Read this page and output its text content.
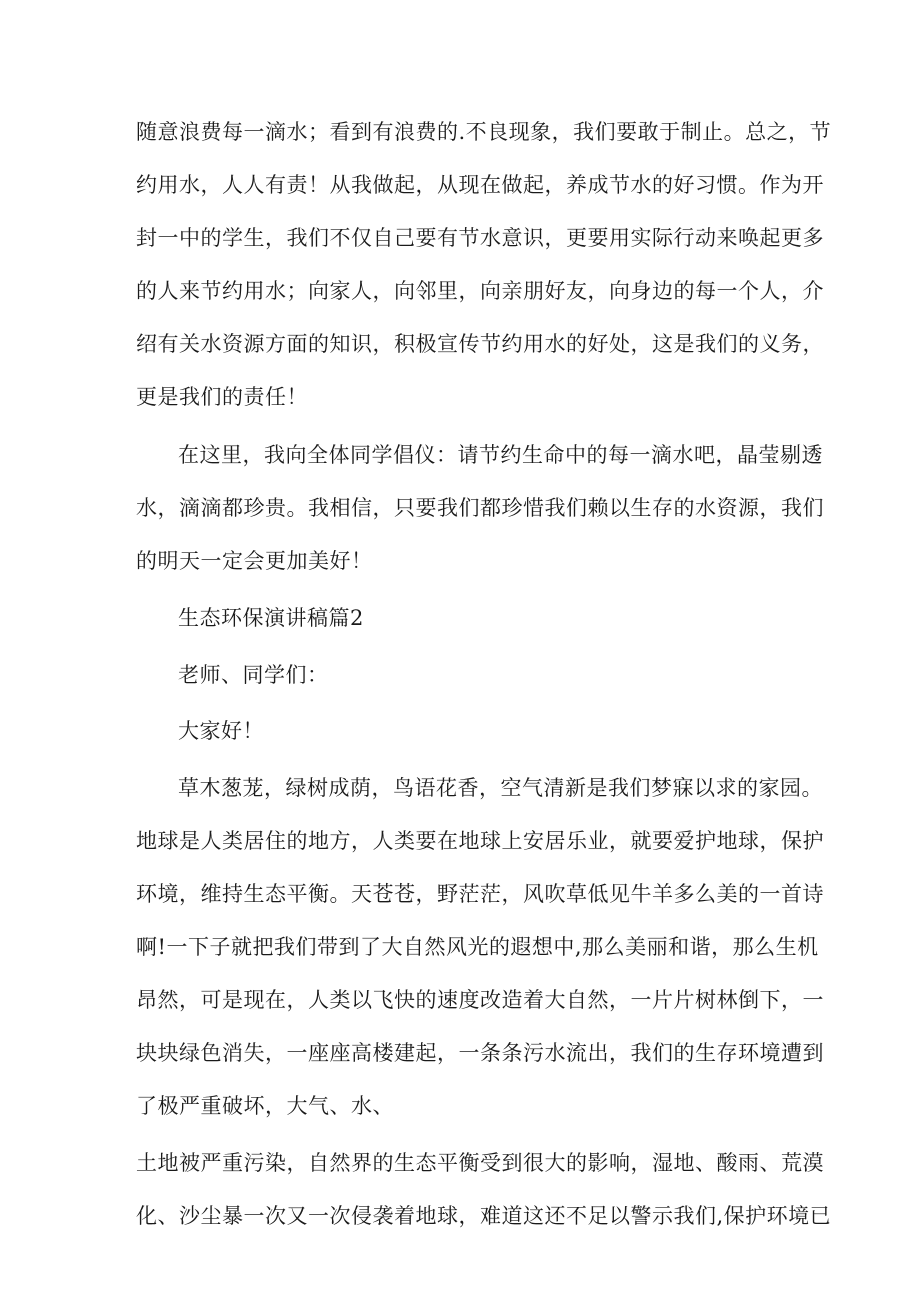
随意浪费每一滴水；看到有浪费的.不良现象，我们要敢于制止。总之，节
约用水，人人有责！从我做起，从现在做起，养成节水的好习惯。作为开
封一中的学生，我们不仅自己要有节水意识，更要用实际行动来唤起更多
的人来节约用水；向家人，向邻里，向亲朋好友，向身边的每一个人，介
绍有关水资源方面的知识，积极宣传节约用水的好处，这是我们的义务，
更是我们的责任！
在这里，我向全体同学倡仪：请节约生命中的每一滴水吧，晶莹剔透
水，滴滴都珍贵。我相信，只要我们都珍惜我们赖以生存的水资源，我们
的明天一定会更加美好！
生态环保演讲稿篇2
老师、同学们：
大家好！
草木葱茏，绿树成荫，鸟语花香，空气清新是我们梦寐以求的家园。
地球是人类居住的地方，人类要在地球上安居乐业，就要爱护地球，保护
环境，维持生态平衡。天苍苍，野茫茫，风吹草低见牛羊多么美的一首诗
啊!一下子就把我们带到了大自然风光的遐想中,那么美丽和谐，那么生机
昂然，可是现在，人类以飞快的速度改造着大自然，一片片树林倒下，一
块块绿色消失，一座座高楼建起，一条条污水流出，我们的生存环境遭到
了极严重破坏，大气、水、
土地被严重污染，自然界的生态平衡受到很大的影响，湿地、酸雨、荒漠
化、沙尘暴一次又一次侵袭着地球，难道这还不足以警示我们,保护环境已
